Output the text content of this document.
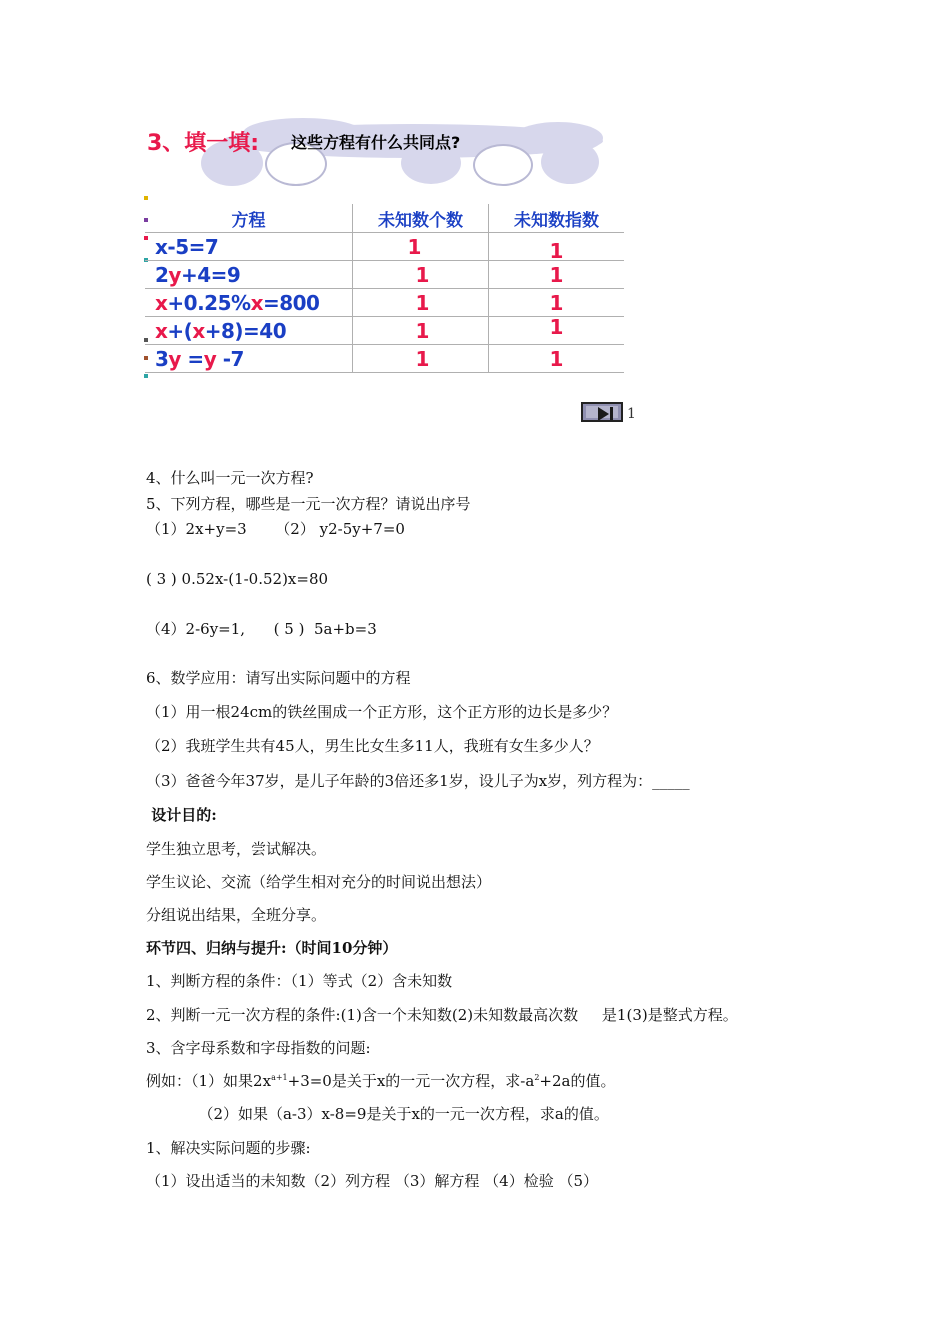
3、填一填: 这些方程有什么共同点?
方程	未知数个数	未知数指数
x-5=7	1	1
2y+4=9	1	1
x+0.25%x=800	1	1
x+(x+8)=40	1	1
3y =y -7	1	1
1
4、什么叫一元一次方程?
5、下列方程，哪些是一元一次方程？请说出序号
（1）2x+y=3      （2） y2-5y+7=0
( 3 ) 0.52x-(1-0.52)x=80
（4）2-6y=1,      ( 5 )  5a+b=3
6、数学应用：请写出实际问题中的方程
（1）用一根24cm的铁丝围成一个正方形，这个正方形的边长是多少？
（2）我班学生共有45人，男生比女生多11人，我班有女生多少人？
（3）爸爸今年37岁，是儿子年龄的3倍还多1岁，设儿子为x岁，列方程为：_____
设计目的:
学生独立思考，尝试解决。
学生议论、交流（给学生相对充分的时间说出想法）
分组说出结果，全班分享。
环节四、归纳与提升:（时间10分钟）
1、判断方程的条件：（1）等式（2）含未知数
2、判断一元一次方程的条件:(1)含一个未知数(2)未知数最高次数     是1(3)是整式方程。
3、含字母系数和字母指数的问题:
例如：（1）如果$2x^{a+1}+3=0$是关于x的一元一次方程，求$-a^2+2a$的值。
（2）如果（a-3）x-8=9是关于x的一元一次方程，求a的值。
1、解决实际问题的步骤:
（1）设出适当的未知数（2）列方程 （3）解方程 （4）检验 （5）
